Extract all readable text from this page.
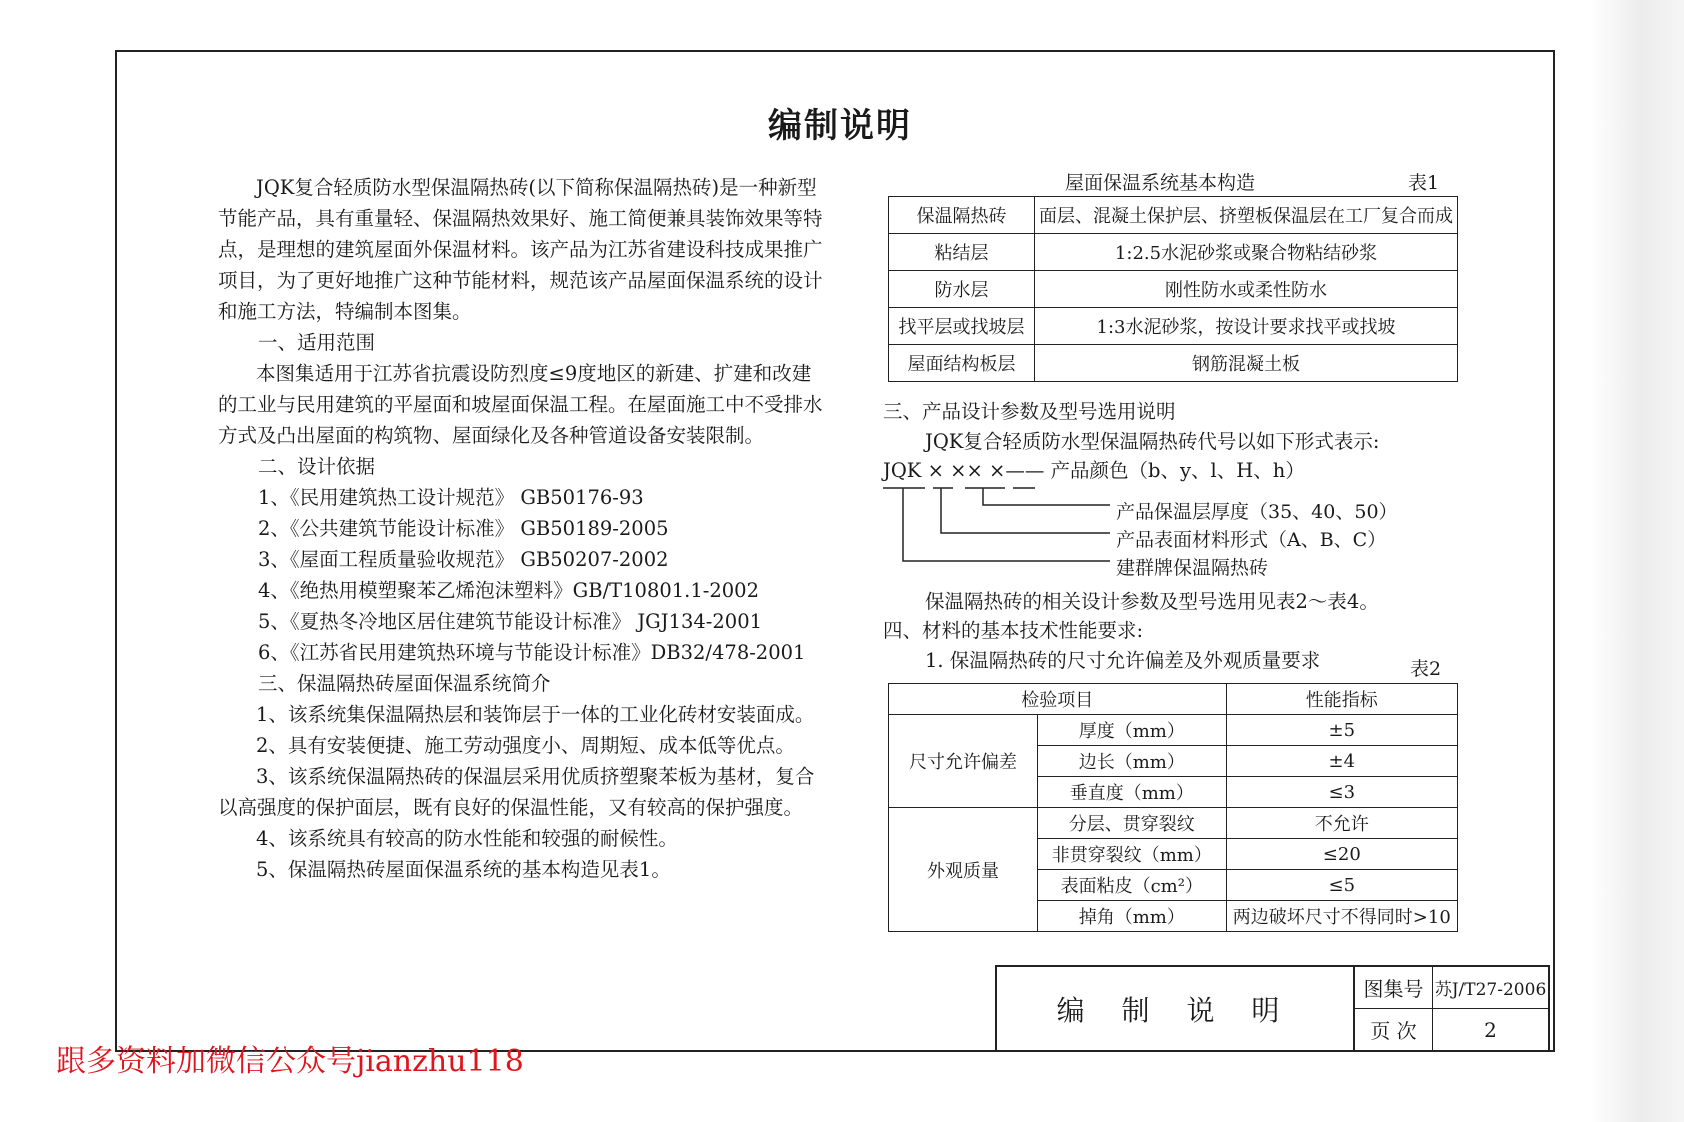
编制说明

JQK复合轻质防水型保温隔热砖(以下简称保温隔热砖)是一种新型节能产品，具有重量轻、保温隔热效果好、施工简便兼具装饰效果等特点，是理想的建筑屋面外保温材料。该产品为江苏省建设科技成果推广项目，为了更好地推广这种节能材料，规范该产品屋面保温系统的设计和施工方法，特编制本图集。

一、适用范围

本图集适用于江苏省抗震设防烈度≤9度地区的新建、扩建和改建的工业与民用建筑的平屋面和坡屋面保温工程。在屋面施工中不受排水方式及凸出屋面的构筑物、屋面绿化及各种管道设备安装限制。

二、设计依据

1、《民用建筑热工设计规范》 GB50176-93

2、《公共建筑节能设计标准》 GB50189-2005

3、《屋面工程质量验收规范》 GB50207-2002

4、《绝热用模塑聚苯乙烯泡沫塑料》GB/T10801.1-2002

5、《夏热冬冷地区居住建筑节能设计标准》 JGJ134-2001

6、《江苏省民用建筑热环境与节能设计标准》DB32/478-2001

三、保温隔热砖屋面保温系统简介

1、该系统集保温隔热层和装饰层于一体的工业化砖材安装面成。

2、具有安装便捷、施工劳动强度小、周期短、成本低等优点。

3、该系统保温隔热砖的保温层采用优质挤塑聚苯板为基材，复合以高强度的保护面层，既有良好的保温性能，又有较高的保护强度。

4、该系统具有较高的防水性能和较强的耐候性。

5、保温隔热砖屋面保温系统的基本构造见表1。

屋面保温系统基本构造	表1
保温隔热砖	面层、混凝土保护层、挤塑板保温层在工厂复合而成
粘结层	1:2.5水泥砂浆或聚合物粘结砂浆
防水层	刚性防水或柔性防水
找平层或找坡层	1:3水泥砂浆，按设计要求找平或找坡
屋面结构板层	钢筋混凝土板
三、产品设计参数及型号选用说明
JQK复合轻质防水型保温隔热砖代号以如下形式表示:
JQK × ×× ×—— 产品颜色（b、y、l、H、h）
产品保温层厚度（35、40、50）
产品表面材料形式（A、B、C）
建群牌保温隔热砖
保温隔热砖的相关设计参数及型号选用见表2～表4。
四、材料的基本技术性能要求:
1. 保温隔热砖的尺寸允许偏差及外观质量要求	表2
检验项目		性能指标
尺寸允许偏差	厚度（mm）	±5
	边长（mm）	±4
	垂直度（mm）	≤3
外观质量	分层、贯穿裂纹	不允许
	非贯穿裂纹（mm）	≤20
	表面粘皮（cm²）	≤5
	掉角（mm）	两边破坏尺寸不得同时>10
编 制 说 明
图集号 苏J/T27-2006
页 次	2
跟多资料加微信公众号jianzhu118
